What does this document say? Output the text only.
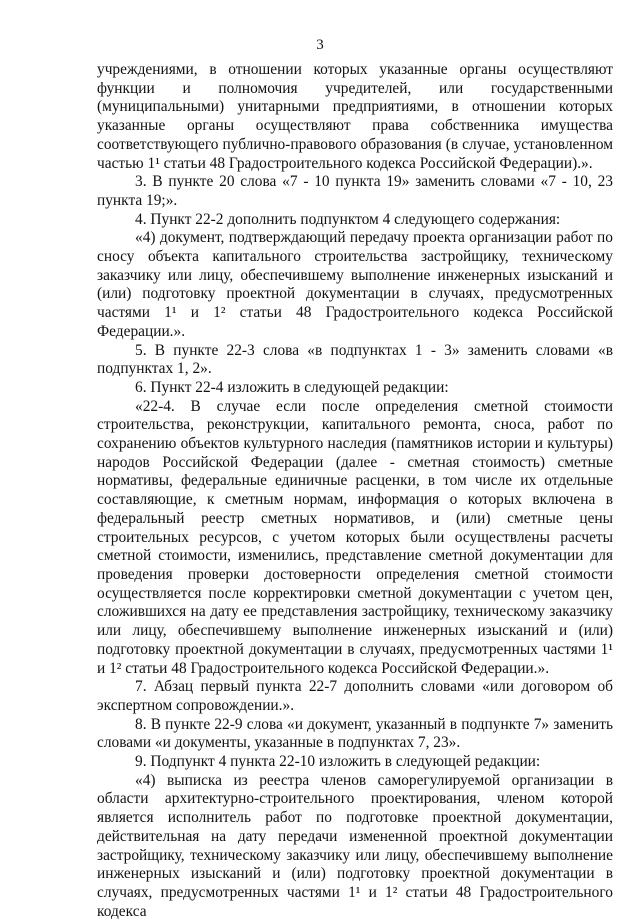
3

учреждениями, в отношении которых указанные органы осуществляют функции и полномочия учредителей, или государственными (муниципальными) унитарными предприятиями, в отношении которых указанные органы осуществляют права собственника имущества соответствующего публично-правового образования (в случае, установленном частью 1¹ статьи 48 Градостроительного кодекса Российской Федерации).».

3. В пункте 20 слова «7 - 10 пункта 19» заменить словами «7 - 10, 23 пункта 19;».

4. Пункт 22-2 дополнить подпунктом 4 следующего содержания:

«4) документ, подтверждающий передачу проекта организации работ по сносу объекта капитального строительства застройщику, техническому заказчику или лицу, обеспечившему выполнение инженерных изысканий и (или) подготовку проектной документации в случаях, предусмотренных частями 1¹ и 1² статьи 48 Градостроительного кодекса Российской Федерации.».

5. В пункте 22-3 слова «в подпунктах 1 - 3» заменить словами «в подпунктах 1, 2».

6. Пункт 22-4 изложить в следующей редакции:

«22-4. В случае если после определения сметной стоимости строительства, реконструкции, капитального ремонта, сноса, работ по сохранению объектов культурного наследия (памятников истории и культуры) народов Российской Федерации (далее - сметная стоимость) сметные нормативы, федеральные единичные расценки, в том числе их отдельные составляющие, к сметным нормам, информация о которых включена в федеральный реестр сметных нормативов, и (или) сметные цены строительных ресурсов, с учетом которых были осуществлены расчеты сметной стоимости, изменились, представление сметной документации для проведения проверки достоверности определения сметной стоимости осуществляется после корректировки сметной документации с учетом цен, сложившихся на дату ее представления застройщику, техническому заказчику или лицу, обеспечившему выполнение инженерных изысканий и (или) подготовку проектной документации в случаях, предусмотренных частями 1¹ и 1² статьи 48 Градостроительного кодекса Российской Федерации.».

7. Абзац первый пункта 22-7 дополнить словами «или договором об экспертном сопровождении.».

8. В пункте 22-9 слова «и документ, указанный в подпункте 7» заменить словами «и документы, указанные в подпунктах 7, 23».

9. Подпункт 4 пункта 22-10 изложить в следующей редакции:

«4) выписка из реестра членов саморегулируемой организации в области архитектурно-строительного проектирования, членом которой является исполнитель работ по подготовке проектной документации, действительная на дату передачи измененной проектной документации застройщику, техническому заказчику или лицу, обеспечившему выполнение инженерных изысканий и (или) подготовку проектной документации в случаях, предусмотренных частями 1¹ и 1² статьи 48 Градостроительного кодекса
